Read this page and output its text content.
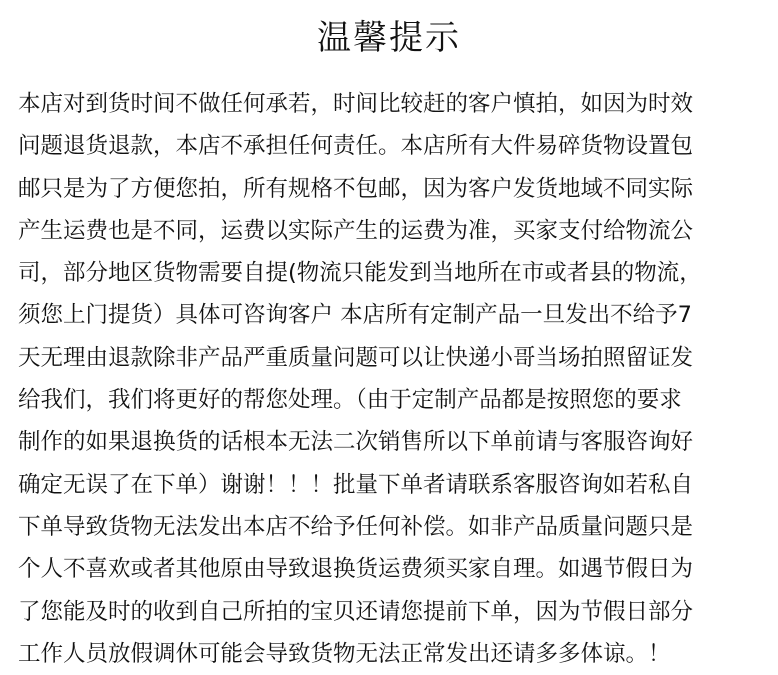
温馨提示
本店对到货时间不做任何承若，时间比较赶的客户慎拍，如因为时效
问题退货退款，本店不承担任何责任。本店所有大件易碎货物设置包
邮只是为了方便您拍，所有规格不包邮，因为客户发货地域不同实际
产生运费也是不同，运费以实际产生的运费为准，买家支付给物流公
司，部分地区货物需要自提(物流只能发到当地所在市或者县的物流，
须您上门提货）具体可咨询客户 本店所有定制产品一旦发出不给予7
天无理由退款除非产品严重质量问题可以让快递小哥当场拍照留证发
给我们，我们将更好的帮您处理。（由于定制产品都是按照您的要求
制作的如果退换货的话根本无法二次销售所以下单前请与客服咨询好
确定无误了在下单）谢谢！！！批量下单者请联系客服咨询如若私自
下单导致货物无法发出本店不给予任何补偿。如非产品质量问题只是
个人不喜欢或者其他原由导致退换货运费须买家自理。如遇节假日为
了您能及时的收到自己所拍的宝贝还请您提前下单，因为节假日部分
工作人员放假调休可能会导致货物无法正常发出还请多多体谅。！
